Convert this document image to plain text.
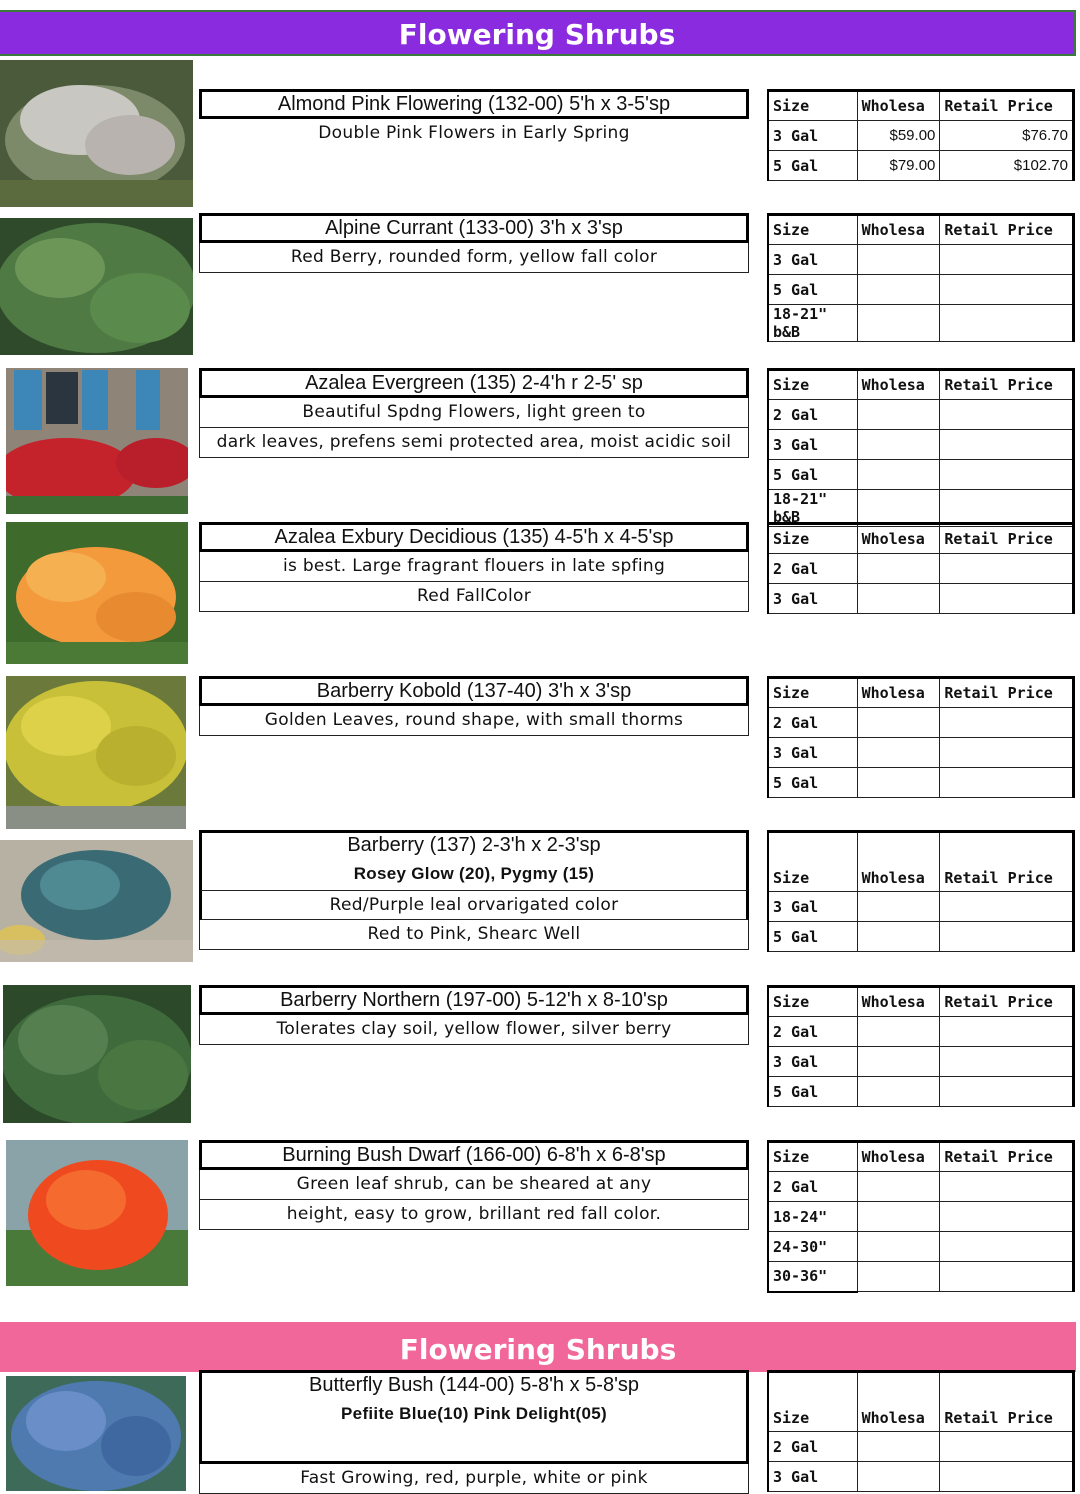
Flowering Shrubs
Flowering Shrubs
Almond Pink Flowering (132-00) 5'h x 3-5'sp
Double Pink Flowers in Early Spring
Size	Wholesa	Retail Price
3 Gal	$59.00	$76.70
5 Gal	$79.00	$102.70
Alpine Currant (133-00) 3'h x 3'sp
Red Berry, rounded form, yellow fall color
Size	Wholesa	Retail Price
3 Gal		
5 Gal		
18-21" b&B		
Azalea Evergreen (135) 2-4'h r 2-5' sp
Beautiful Spdng Flowers, light green to
dark leaves, prefens semi protected area, moist acidic soil
Size	Wholesa	Retail Price
2 Gal		
3 Gal		
5 Gal		
18-21" b&B		
Azalea Exbury Decidious (135) 4-5'h x 4-5'sp
is best. Large fragrant flouers in late spfing
Red FallColor
Size	Wholesa	Retail Price
2 Gal		
3 Gal		
Barberry Kobold (137-40) 3'h x 3'sp
Golden Leaves, round shape, with small thorms
Size	Wholesa	Retail Price
2 Gal		
3 Gal		
5 Gal		
Barberry (137) 2-3'h x 2-3'sp
Rosey Glow (20), Pygmy (15)
Red/Purple leal orvarigated color
Red to Pink, Shearc Well
Size	Wholesa	Retail Price
3 Gal		
5 Gal		
Barberry Northern (197-00) 5-12'h x 8-10'sp
Tolerates clay soil, yellow flower, silver berry
Size	Wholesa	Retail Price
2 Gal		
3 Gal		
5 Gal		
Burning Bush Dwarf (166-00) 6-8'h x 6-8'sp
Green leaf shrub, can be sheared at any
height, easy to grow, brillant red fall color.
Size	Wholesa	Retail Price
2 Gal		
18-24"		
24-30"		
30-36"		
Butterfly Bush (144-00) 5-8'h x 5-8'sp
Pefiite Blue(10) Pink Delight(05)
Fast Growing, red, purple, white or pink
Size	Wholesa	Retail Price
2 Gal		
3 Gal		
